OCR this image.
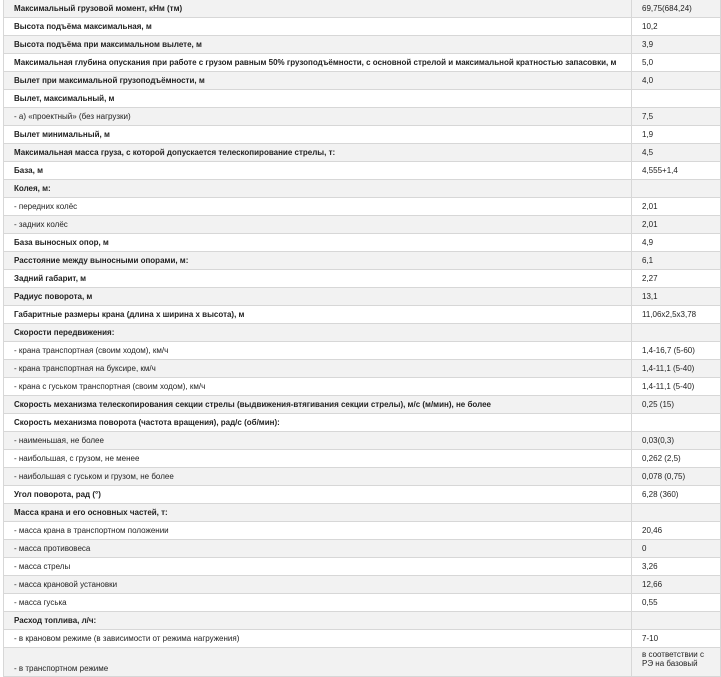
Максимальный грузовой момент, кНм (тм)	69,75(684,24)
Высота подъёма максимальная, м	10,2
Высота подъёма при максимальном вылете, м	3,9
Максимальная глубина опускания при работе с грузом равным 50% грузоподъёмности, с основной стрелой и максимальной кратностью запасовки, м	5,0
Вылет при максимальной грузоподъёмности, м	4,0
Вылет, максимальный, м	
- а) «проектный» (без нагрузки)	7,5
Вылет минимальный, м	1,9
Максимальная масса груза, с которой допускается телескопирование стрелы, т:	4,5
База, м	4,555+1,4
Колея, м:	
- передних колёс	2,01
- задних колёс	2,01
База выносных опор, м	4,9
Расстояние между выносными опорами, м:	6,1
Задний габарит, м	2,27
Радиус поворота, м	13,1
Габаритные размеры крана (длина х ширина х высота), м	11,06х2,5х3,78
Скорости передвижения:	
- крана транспортная (своим ходом), км/ч	1,4-16,7 (5-60)
- крана транспортная на буксире, км/ч	1,4-11,1 (5-40)
- крана с гуськом транспортная (своим ходом), км/ч	1,4-11,1 (5-40)
Скорость механизма телескопирования секции стрелы (выдвижения-втягивания секции стрелы), м/с (м/мин), не более	0,25 (15)
Скорость механизма поворота (частота вращения), рад/с (об/мин):	
- наименьшая, не более	0,03(0,3)
- наибольшая, с грузом, не менее	0,262 (2,5)
- наибольшая с гуськом и грузом, не более	0,078 (0,75)
Угол поворота, рад (°)	6,28 (360)
Масса крана и его основных частей, т:	
- масса крана в транспортном положении	20,46
- масса противовеса	0
- масса стрелы	3,26
- масса крановой установки	12,66
- масса гуська	0,55
Расход топлива, л/ч:	
- в крановом режиме (в зависимости от режима нагружения)	7-10
- в транспортном режиме	в соответствии с РЭ на базовый
